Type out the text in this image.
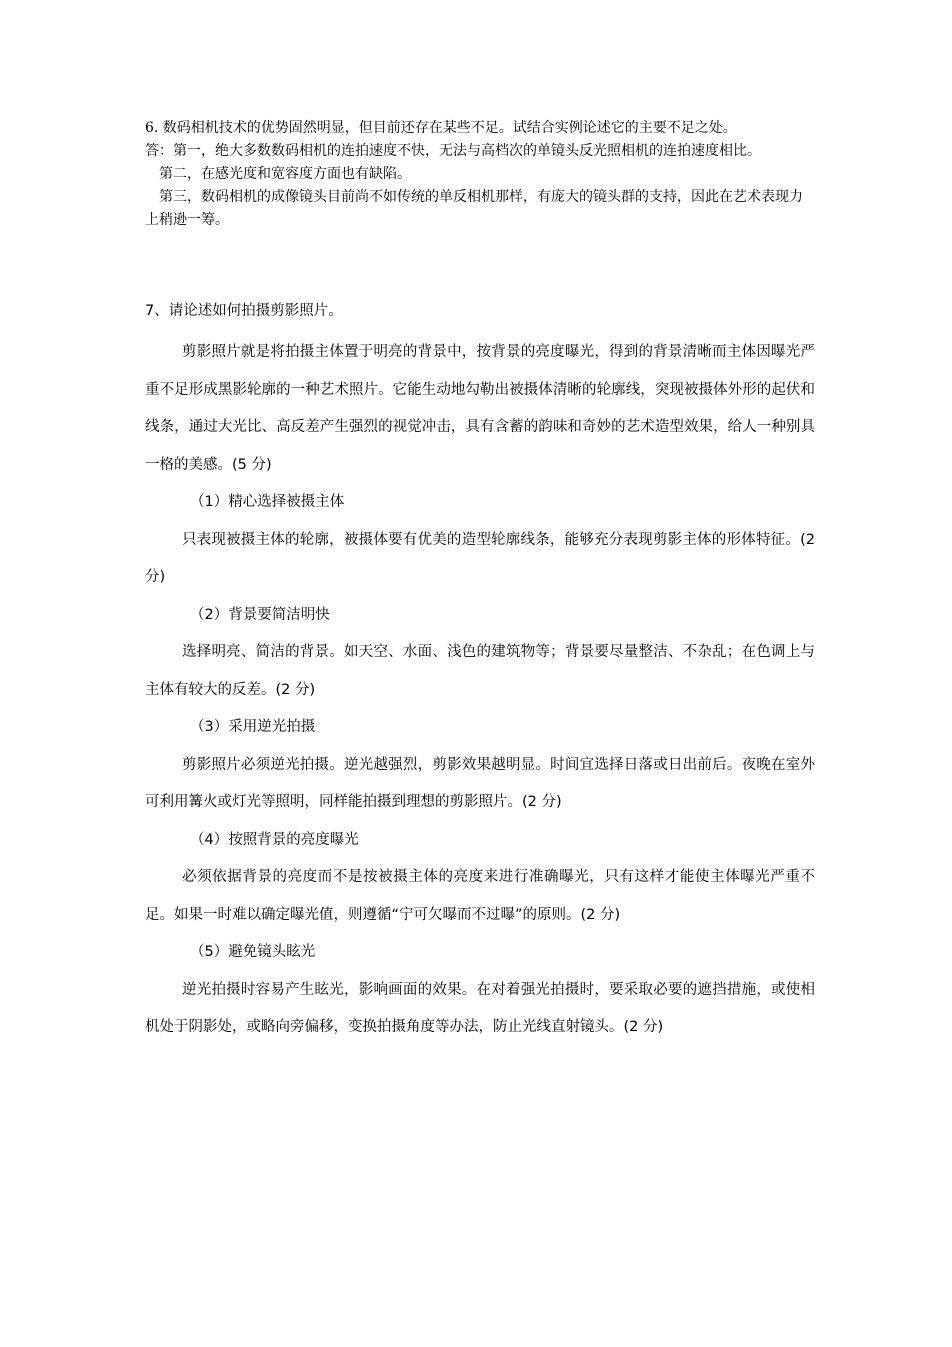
6. 数码相机技术的优势固然明显，但目前还存在某些不足。试结合实例论述它的主要不足之处。

答：第一，绝大多数数码相机的连拍速度不快，无法与高档次的单镜头反光照相机的连拍速度相比。

第二，在感光度和宽容度方面也有缺陷。

第三，数码相机的成像镜头目前尚不如传统的单反相机那样，有庞大的镜头群的支持，因此在艺术表现力上稍逊一筹。

7、请论述如何拍摄剪影照片。

剪影照片就是将拍摄主体置于明亮的背景中，按背景的亮度曝光，得到的背景清晰而主体因曝光严重不足形成黑影轮廓的一种艺术照片。它能生动地勾勒出被摄体清晰的轮廓线，突现被摄体外形的起伏和线条，通过大光比、高反差产生强烈的视觉冲击，具有含蓄的韵味和奇妙的艺术造型效果，给人一种别具一格的美感。(5 分)

（1）精心选择被摄主体

只表现被摄主体的轮廓，被摄体要有优美的造型轮廓线条，能够充分表现剪影主体的形体特征。(2 分)

（2）背景要简洁明快

选择明亮、简洁的背景。如天空、水面、浅色的建筑物等；背景要尽量整洁、不杂乱；在色调上与主体有较大的反差。(2 分)

（3）采用逆光拍摄

剪影照片必须逆光拍摄。逆光越强烈，剪影效果越明显。时间宜选择日落或日出前后。夜晚在室外可利用篝火或灯光等照明，同样能拍摄到理想的剪影照片。(2 分)

（4）按照背景的亮度曝光

必须依据背景的亮度而不是按被摄主体的亮度来进行准确曝光，只有这样才能使主体曝光严重不足。如果一时难以确定曝光值，则遵循“宁可欠曝而不过曝”的原则。(2 分)

（5）避免镜头眩光

逆光拍摄时容易产生眩光，影响画面的效果。在对着强光拍摄时，要采取必要的遮挡措施，或使相机处于阴影处，或略向旁偏移，变换拍摄角度等办法，防止光线直射镜头。(2 分)
